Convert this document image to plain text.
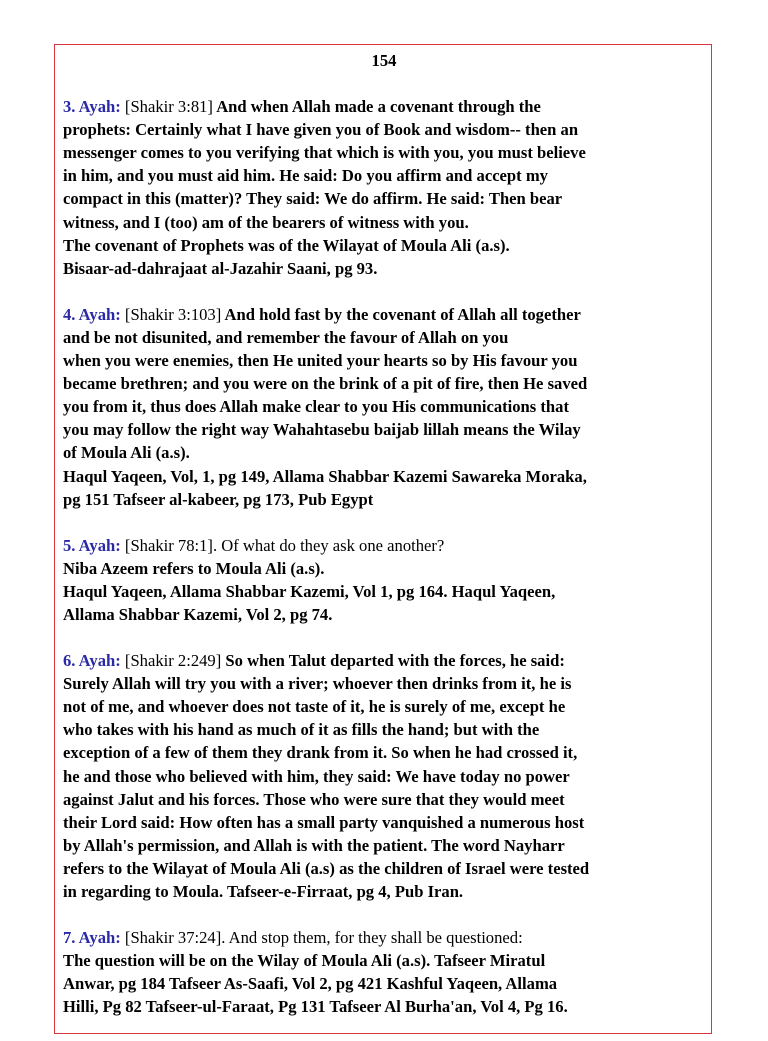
154
3. Ayah: [Shakir 3:81] And when Allah made a covenant through the
prophets: Certainly what I have given you of Book and wisdom-- then an
messenger comes to you verifying that which is with you, you must believe
in him, and you must aid him. He said: Do you affirm and accept my
compact in this (matter)? They said: We do affirm. He said: Then bear
witness, and I (too) am of the bearers of witness with you.
The covenant of Prophets was of the Wilayat of Moula Ali (a.s).
Bisaar-ad-dahrajaat al-Jazahir Saani, pg 93.
4. Ayah: [Shakir 3:103] And hold fast by the covenant of Allah all together
and be not disunited, and remember the favour of Allah on you
when you were enemies, then He united your hearts so by His favour you
became brethren; and you were on the brink of a pit of fire, then He saved
you from it, thus does Allah make clear to you His communications that
you may follow the right way Wahahtasebu baijab lillah means the Wilay
of Moula Ali (a.s).
Haqul Yaqeen, Vol, 1, pg 149, Allama Shabbar Kazemi Sawareka Moraka,
pg 151 Tafseer al-kabeer, pg 173, Pub Egypt
5. Ayah: [Shakir 78:1]. Of what do they ask one another?
Niba Azeem refers to Moula Ali (a.s).
Haqul Yaqeen, Allama Shabbar Kazemi, Vol 1, pg 164. Haqul Yaqeen,
Allama Shabbar Kazemi, Vol 2, pg 74.
6. Ayah: [Shakir 2:249] So when Talut departed with the forces, he said:
Surely Allah will try you with a river; whoever then drinks from it, he is
not of me, and whoever does not taste of it, he is surely of me, except he
who takes with his hand as much of it as fills the hand; but with the
exception of a few of them they drank from it. So when he had crossed it,
he and those who believed with him, they said: We have today no power
against Jalut and his forces. Those who were sure that they would meet
their Lord said: How often has a small party vanquished a numerous host
by Allah's permission, and Allah is with the patient. The word Nayharr
refers to the Wilayat of Moula Ali (a.s) as the children of Israel were tested
in regarding to Moula. Tafseer-e-Firraat, pg 4, Pub Iran.
7. Ayah: [Shakir 37:24]. And stop them, for they shall be questioned:
The question will be on the Wilay of Moula Ali (a.s). Tafseer Miratul
Anwar, pg 184 Tafseer As-Saafi, Vol 2, pg 421 Kashful Yaqeen, Allama
Hilli, Pg 82 Tafseer-ul-Faraat, Pg 131 Tafseer Al Burha'an, Vol 4, Pg 16.
